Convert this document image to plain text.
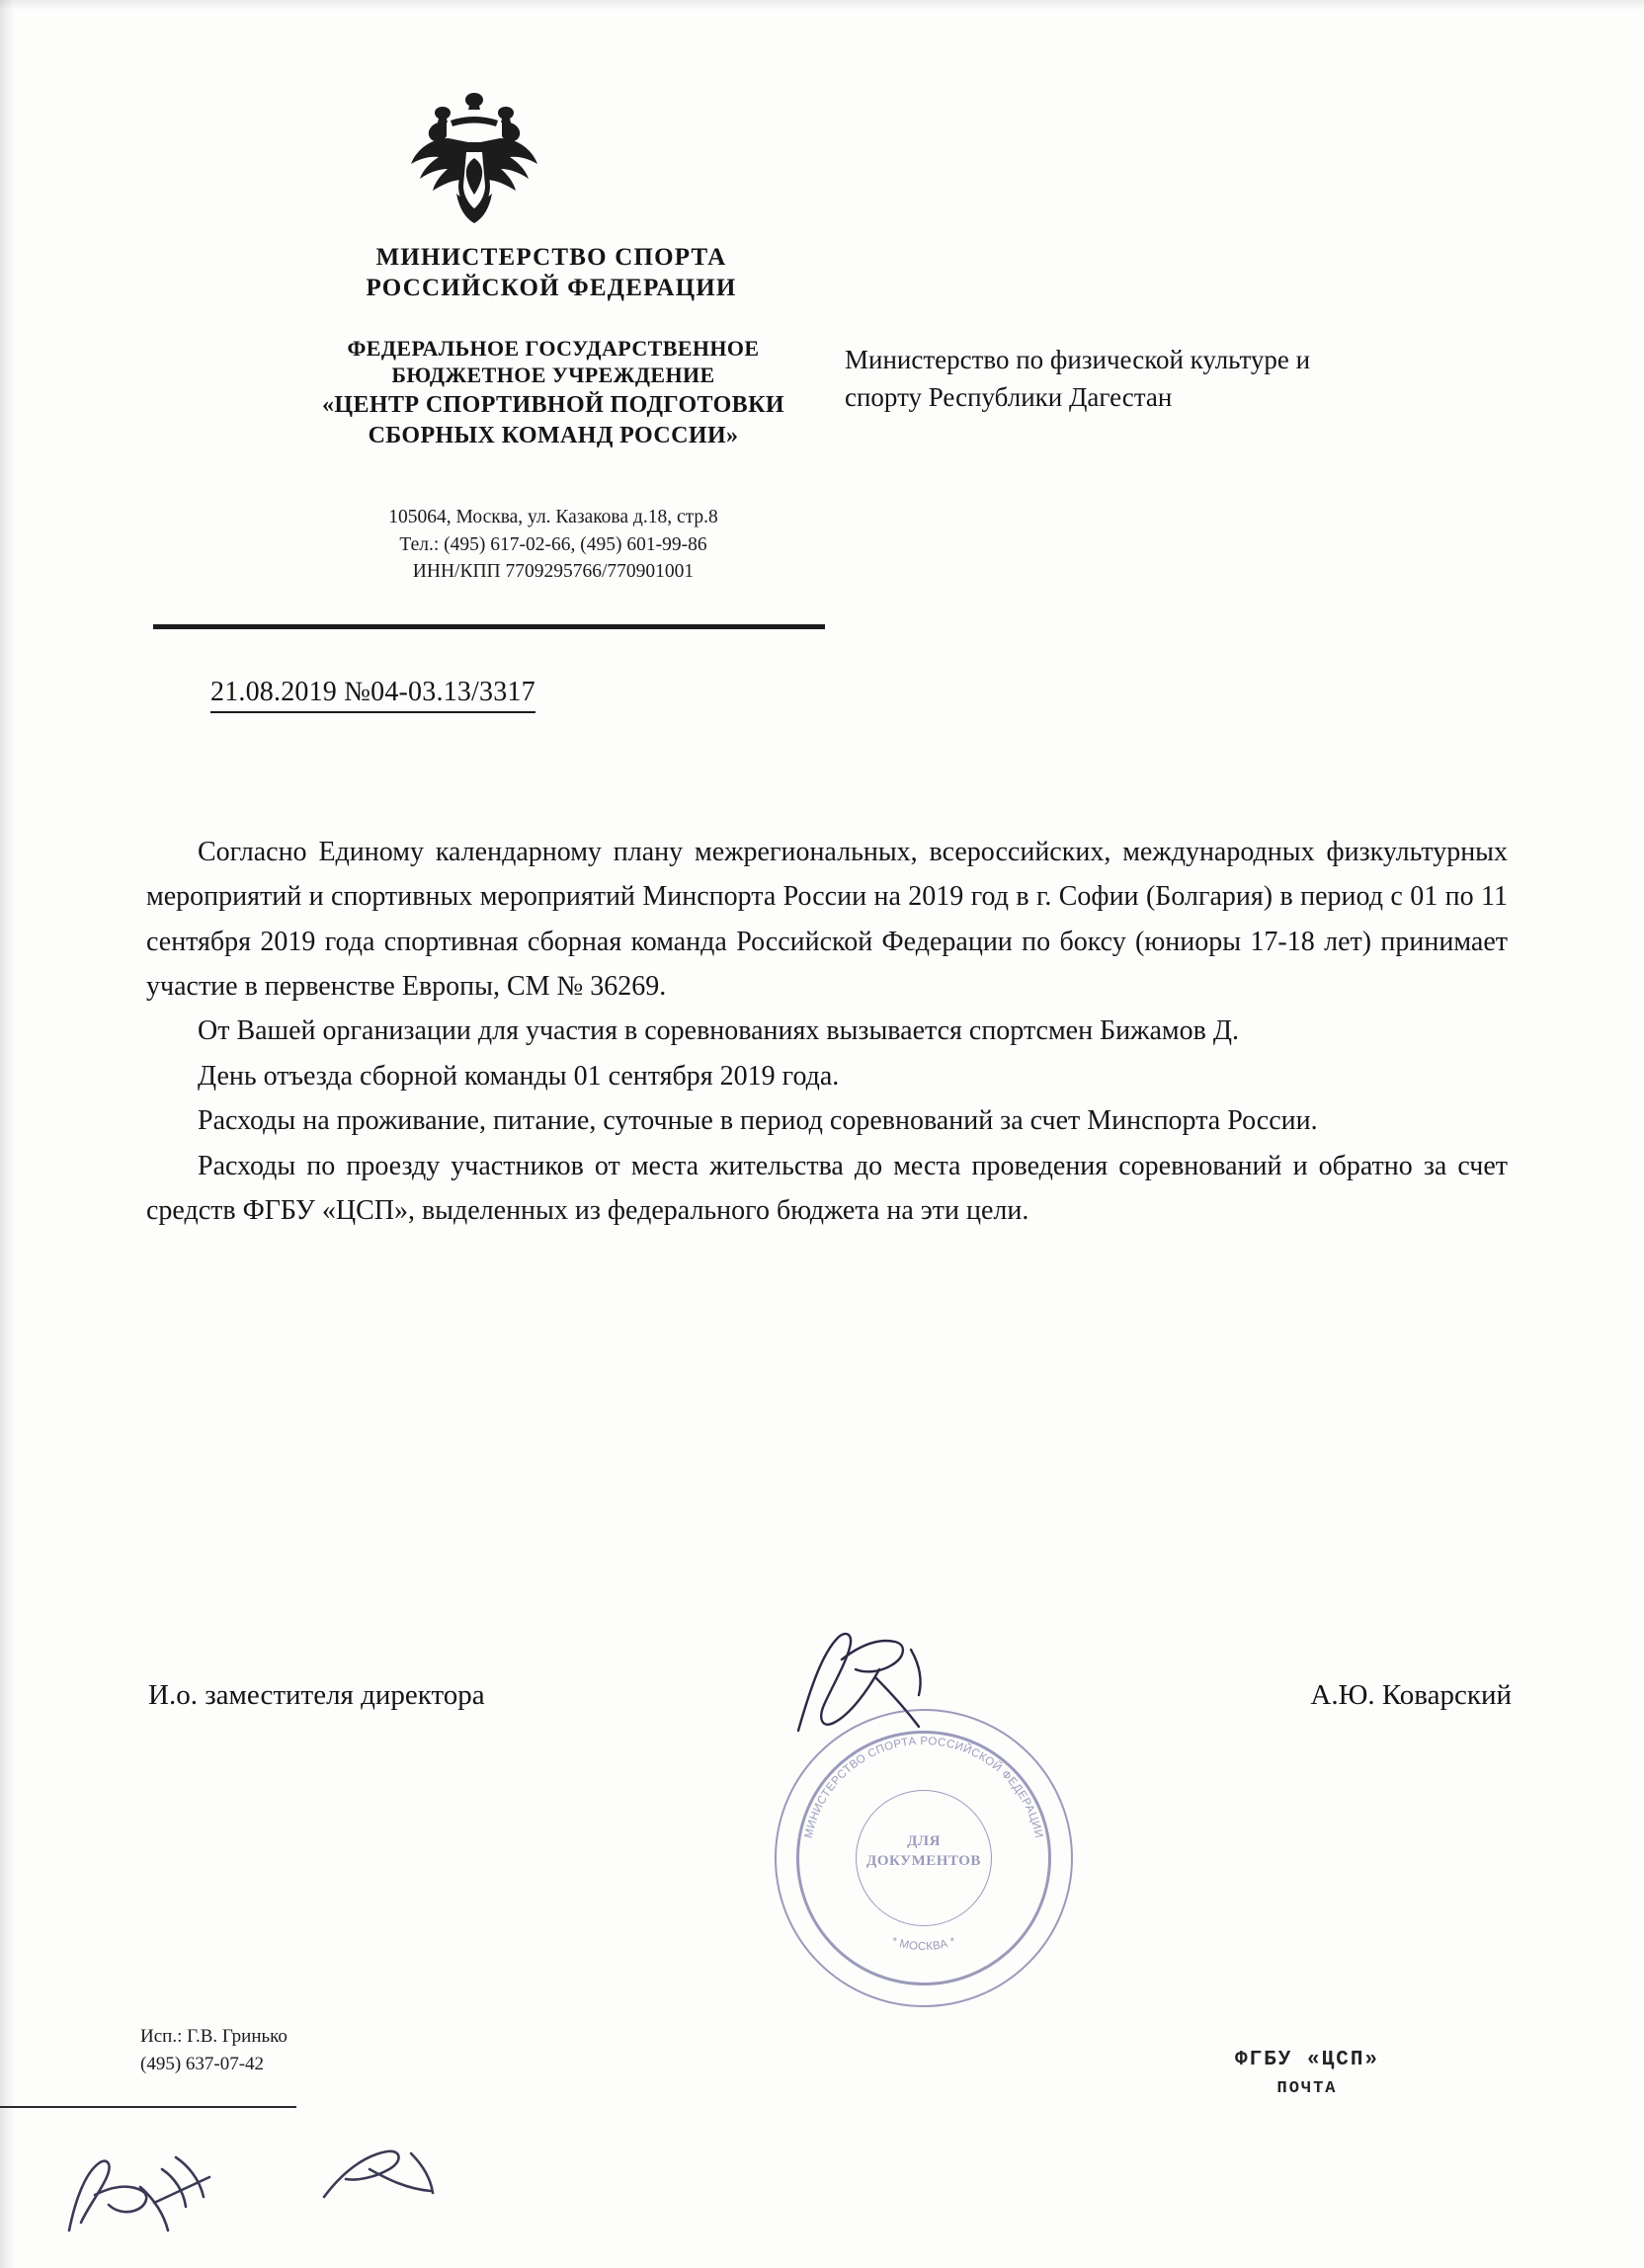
МИНИСТЕРСТВО СПОРТА
РОССИЙСКОЙ ФЕДЕРАЦИИ
ФЕДЕРАЛЬНОЕ ГОСУДАРСТВЕННОЕ
БЮДЖЕТНОЕ УЧРЕЖДЕНИЕ
«ЦЕНТР СПОРТИВНОЙ ПОДГОТОВКИ
СБОРНЫХ КОМАНД РОССИИ»
105064, Москва, ул. Казакова д.18, стр.8
Тел.: (495) 617-02-66, (495) 601-99-86
ИНН/КПП 7709295766/770901001
Министерство по физической культуре и
спорту Республики Дагестан
21.08.2019 №04-03.13/3317

Согласно Единому календарному плану межрегиональных, всероссийских, международных физкультурных мероприятий и спортивных мероприятий Минспорта России на 2019 год в г. Софии (Болгария) в период с 01 по 11 сентября 2019 года спортивная сборная команда Российской Федерации по боксу (юниоры 17-18 лет) принимает участие в первенстве Европы, СМ № 36269.

От Вашей организации для участия в соревнованиях вызывается спортсмен Бижамов Д.

День отъезда сборной команды 01 сентября 2019 года.

Расходы на проживание, питание, суточные в период соревнований за счет Минспорта России.

Расходы по проезду участников от места жительства до места проведения соревнований и обратно за счет средств ФГБУ «ЦСП», выделенных из федерального бюджета на эти цели.

И.о. заместителя директора	А.Ю. Коварский
МИНИСТЕРСТВО СПОРТА РОССИЙСКОЙ ФЕДЕРАЦИИ
* МОСКВА *
ДЛЯ
ДОКУМЕНТОВ
Исп.: Г.В. Гринько
(495) 637-07-42	ФГБУ «ЦСП»
ПОЧТА
